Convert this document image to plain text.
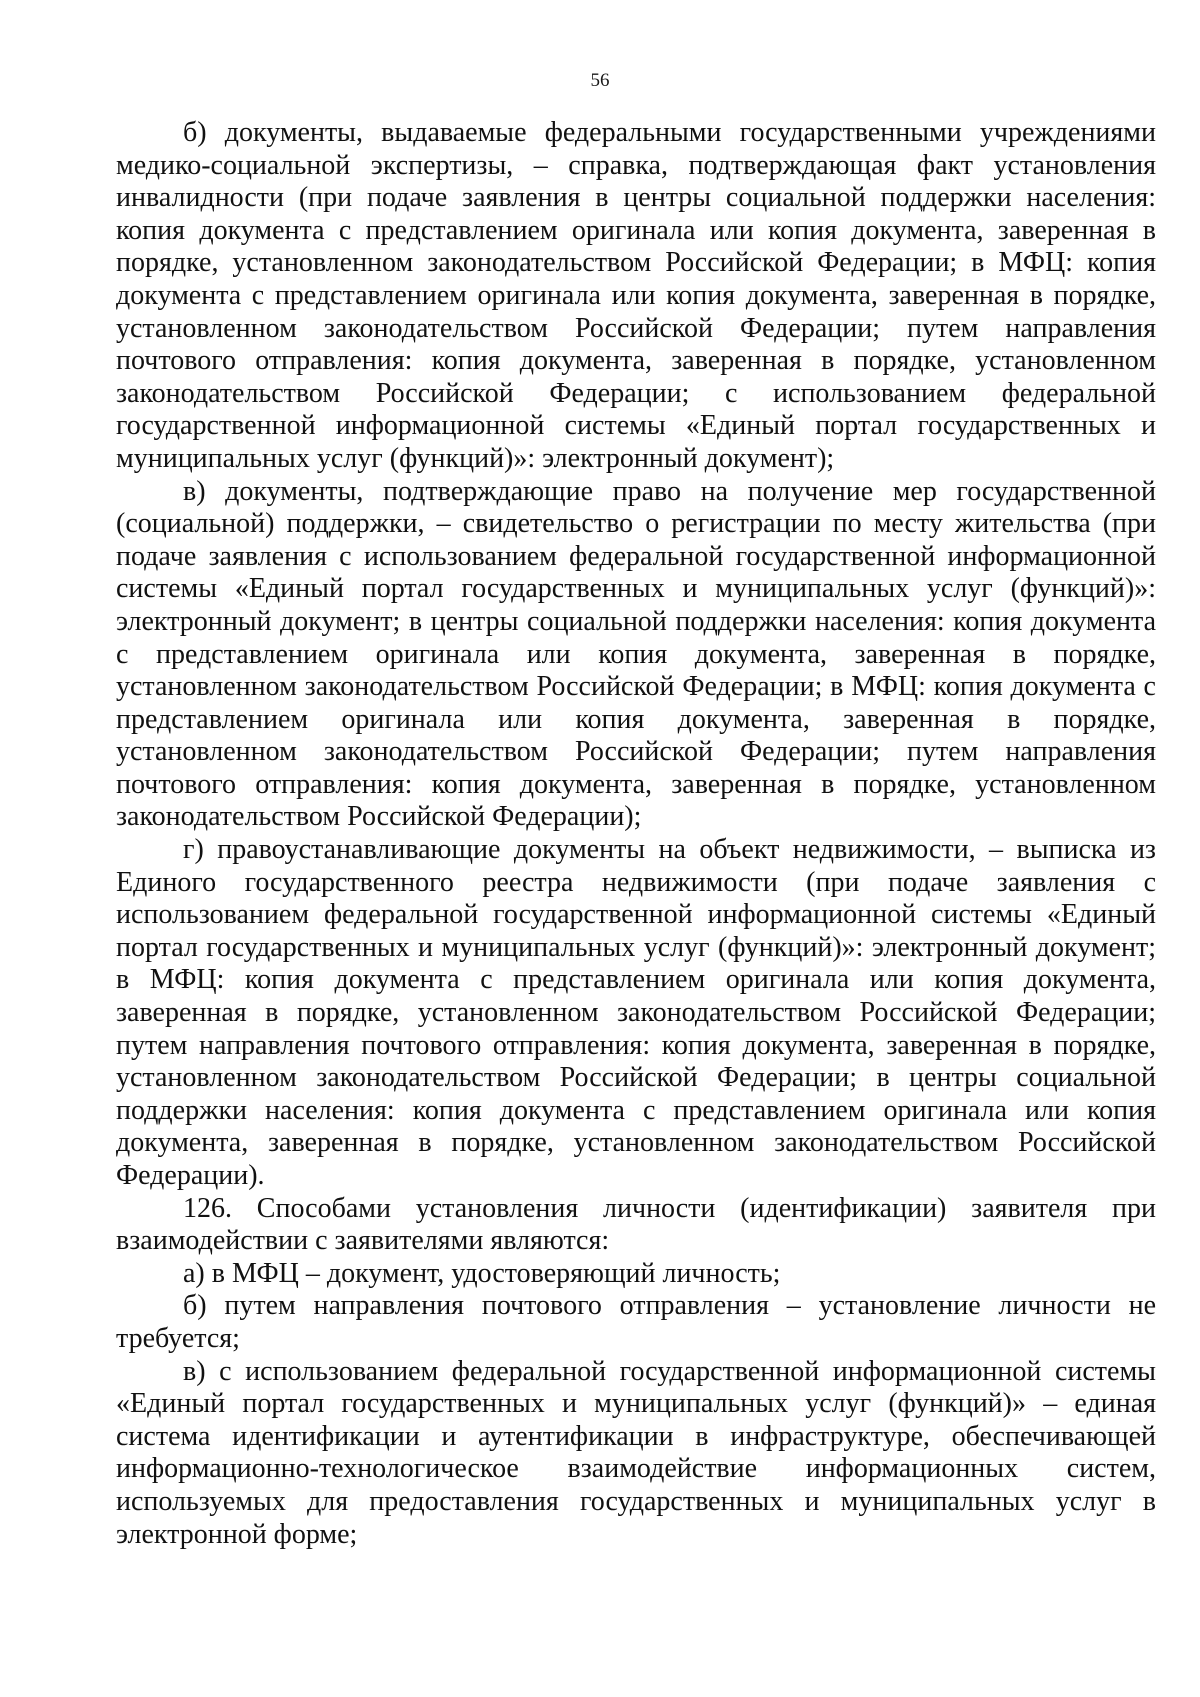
56

б) документы, выдаваемые федеральными государственными учреждениями медико-социальной экспертизы, – справка, подтверждающая факт установления инвалидности (при подаче заявления в центры социальной поддержки населения: копия документа с представлением оригинала или копия документа, заверенная в порядке, установленном законодательством Российской Федерации; в МФЦ: копия документа с представлением оригинала или копия документа, заверенная в порядке, установленном законодательством Российской Федерации; путем направления почтового отправления: копия документа, заверенная в порядке, установленном законодательством Российской Федерации; с использованием федеральной государственной информационной системы «Единый портал государственных и муниципальных услуг (функций)»: электронный документ);

в) документы, подтверждающие право на получение мер государственной (социальной) поддержки, – свидетельство о регистрации по месту жительства (при подаче заявления с использованием федеральной государственной информационной системы «Единый портал государственных и муниципальных услуг (функций)»: электронный документ; в центры социальной поддержки населения: копия документа с представлением оригинала или копия документа, заверенная в порядке, установленном законодательством Российской Федерации; в МФЦ: копия документа с представлением оригинала или копия документа, заверенная в порядке, установленном законодательством Российской Федерации; путем направления почтового отправления: копия документа, заверенная в порядке, установленном законодательством Российской Федерации);

г) правоустанавливающие документы на объект недвижимости, – выписка из Единого государственного реестра недвижимости (при подаче заявления с использованием федеральной государственной информационной системы «Единый портал государственных и муниципальных услуг (функций)»: электронный документ; в МФЦ: копия документа с представлением оригинала или копия документа, заверенная в порядке, установленном законодательством Российской Федерации; путем направления почтового отправления: копия документа, заверенная в порядке, установленном законодательством Российской Федерации; в центры социальной поддержки населения: копия документа с представлением оригинала или копия документа, заверенная в порядке, установленном законодательством Российской Федерации).

126. Способами установления личности (идентификации) заявителя при взаимодействии с заявителями являются:

а) в МФЦ – документ, удостоверяющий личность;

б) путем направления почтового отправления – установление личности не требуется;

в) с использованием федеральной государственной информационной системы «Единый портал государственных и муниципальных услуг (функций)» – единая система идентификации и аутентификации в инфраструктуре, обеспечивающей информационно-технологическое взаимодействие информационных систем, используемых для предоставления государственных и муниципальных услуг в электронной форме;
